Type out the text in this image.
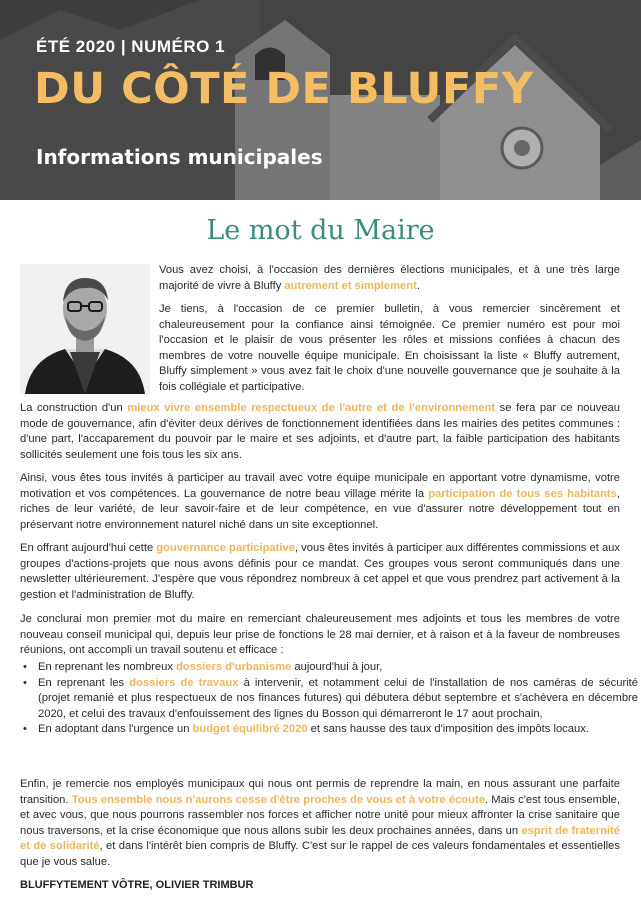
ÉTÉ 2020 | NUMÉRO 1
DU CÔTÉ DE BLUFFY
Informations municipales
Le mot du Maire

Vous avez choisi, à l'occasion des dernières élections municipales, et à une très large majorité de vivre à Bluffy autrement et simplement.

Je tiens, à l'occasion de ce premier bulletin, à vous remercier sincèrement et chaleureusement pour la confiance ainsi témoignée. Ce premier numéro est pour moi l'occasion et le plaisir de vous présenter les rôles et missions confiées à chacun des membres de votre nouvelle équipe municipale. En choisissant la liste « Bluffy autrement, Bluffy simplement » vous avez fait le choix d'une nouvelle gouvernance que je souhaite à la fois collégiale et participative.

La construction d'un mieux vivre ensemble respectueux de l'autre et de l'environnement se fera par ce nouveau mode de gouvernance, afin d'éviter deux dérives de fonctionnement identifiées dans les mairies des petites communes : d'une part, l'accaparement du pouvoir par le maire et ses adjoints, et d'autre part, la faible participation des habitants sollicités seulement une fois tous les six ans.

Ainsi, vous êtes tous invités à participer au travail avec votre équipe municipale en apportant votre dynamisme, votre motivation et vos compétences. La gouvernance de notre beau village mérite la participation de tous ses habitants, riches de leur variété, de leur savoir-faire et de leur compétence, en vue d'assurer notre développement tout en préservant notre environnement naturel niché dans un site exceptionnel.

En offrant aujourd'hui cette gouvernance participative, vous êtes invités à participer aux différentes commissions et aux groupes d'actions-projets que nous avons définis pour ce mandat. Ces groupes vous seront communiqués dans une newsletter ultérieurement. J'espère que vous répondrez nombreux à cet appel et que vous prendrez part activement à la gestion et l'administration de Bluffy.

Je conclurai mon premier mot du maire en remerciant chaleureusement mes adjoints et tous les membres de votre nouveau conseil municipal qui, depuis leur prise de fonctions le 28 mai dernier, et à raison et à la faveur de nombreuses réunions, ont accompli un travail soutenu et efficace :

• En reprenant les nombreux dossiers d'urbanisme aujourd'hui à jour,
• En reprenant les dossiers de travaux à intervenir, et notamment celui de l'installation de nos caméras de sécurité (projet remanié et plus respectueux de nos finances futures) qui débutera début septembre et s'achèvera en décembre 2020, et celui des travaux d'enfouissement des lignes du Bosson qui démarreront le 17 aout prochain,
• En adoptant dans l'urgence un budget équilibré 2020 et sans hausse des taux d'imposition des impôts locaux.

Enfin, je remercie nos employés municipaux qui nous ont permis de reprendre la main, en nous assurant une parfaite transition. Tous ensemble nous n'aurons cesse d'être proches de vous et à votre écoute. Mais c'est tous ensemble, et avec vous, que nous pourrons rassembler nos forces et afficher notre unité pour mieux affronter la crise sanitaire que nous traversons, et la crise économique que nous allons subir les deux prochaines années, dans un esprit de fraternité et de solidarité, et dans l'intérêt bien compris de Bluffy. C'est sur le rappel de ces valeurs fondamentales et essentielles que je vous salue.

BLUFFYTEMENT VÔTRE, OLIVIER TRIMBUR
